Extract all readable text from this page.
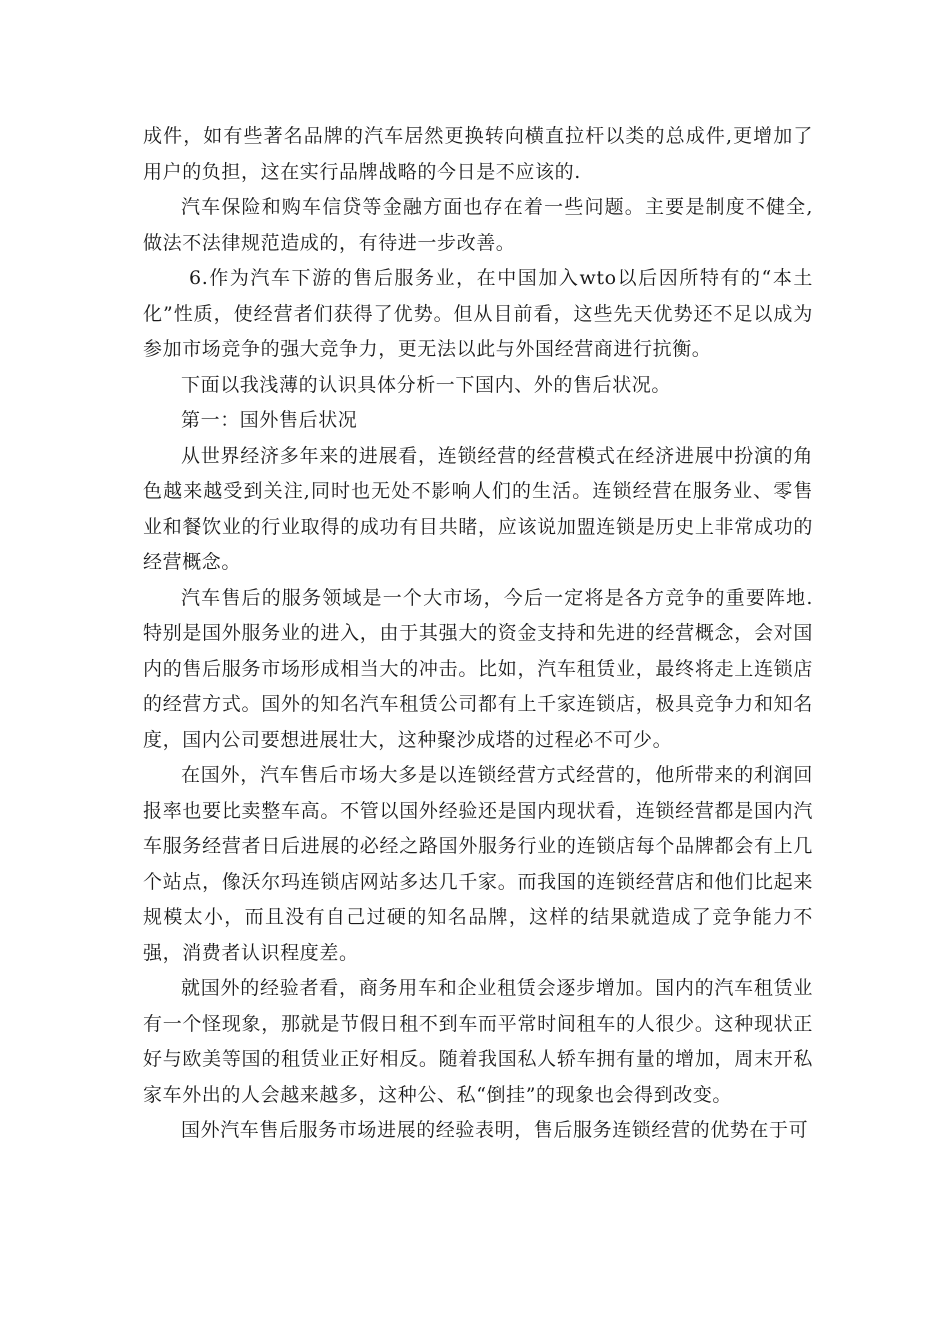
成件，如有些著名品牌的汽车居然更换转向横直拉杆以类的总成件,更增加了用户的负担，这在实行品牌战略的今日是不应该的.

汽车保险和购车信贷等金融方面也存在着一些问题。主要是制度不健全,做法不法律规范造成的，有待进一步改善。

6.作为汽车下游的售后服务业，在中国加入wto以后因所特有的“本土化”性质，使经营者们获得了优势。但从目前看，这些先天优势还不足以成为参加市场竞争的强大竞争力，更无法以此与外国经营商进行抗衡。

下面以我浅薄的认识具体分析一下国内、外的售后状况。

第一：国外售后状况

从世界经济多年来的进展看，连锁经营的经营模式在经济进展中扮演的角色越来越受到关注,同时也无处不影响人们的生活。连锁经营在服务业、零售业和餐饮业的行业取得的成功有目共睹，应该说加盟连锁是历史上非常成功的经营概念。

汽车售后的服务领域是一个大市场，今后一定将是各方竞争的重要阵地.特别是国外服务业的进入，由于其强大的资金支持和先进的经营概念，会对国内的售后服务市场形成相当大的冲击。比如，汽车租赁业，最终将走上连锁店的经营方式。国外的知名汽车租赁公司都有上千家连锁店，极具竞争力和知名度，国内公司要想进展壮大，这种聚沙成塔的过程必不可少。

在国外，汽车售后市场大多是以连锁经营方式经营的，他所带来的利润回报率也要比卖整车高。不管以国外经验还是国内现状看，连锁经营都是国内汽车服务经营者日后进展的必经之路国外服务行业的连锁店每个品牌都会有上几个站点，像沃尔玛连锁店网站多达几千家。而我国的连锁经营店和他们比起来规模太小，而且没有自己过硬的知名品牌，这样的结果就造成了竞争能力不强，消费者认识程度差。

就国外的经验者看，商务用车和企业租赁会逐步增加。国内的汽车租赁业有一个怪现象，那就是节假日租不到车而平常时间租车的人很少。这种现状正好与欧美等国的租赁业正好相反。随着我国私人轿车拥有量的增加，周末开私家车外出的人会越来越多，这种公、私“倒挂”的现象也会得到改变。

国外汽车售后服务市场进展的经验表明，售后服务连锁经营的优势在于可
